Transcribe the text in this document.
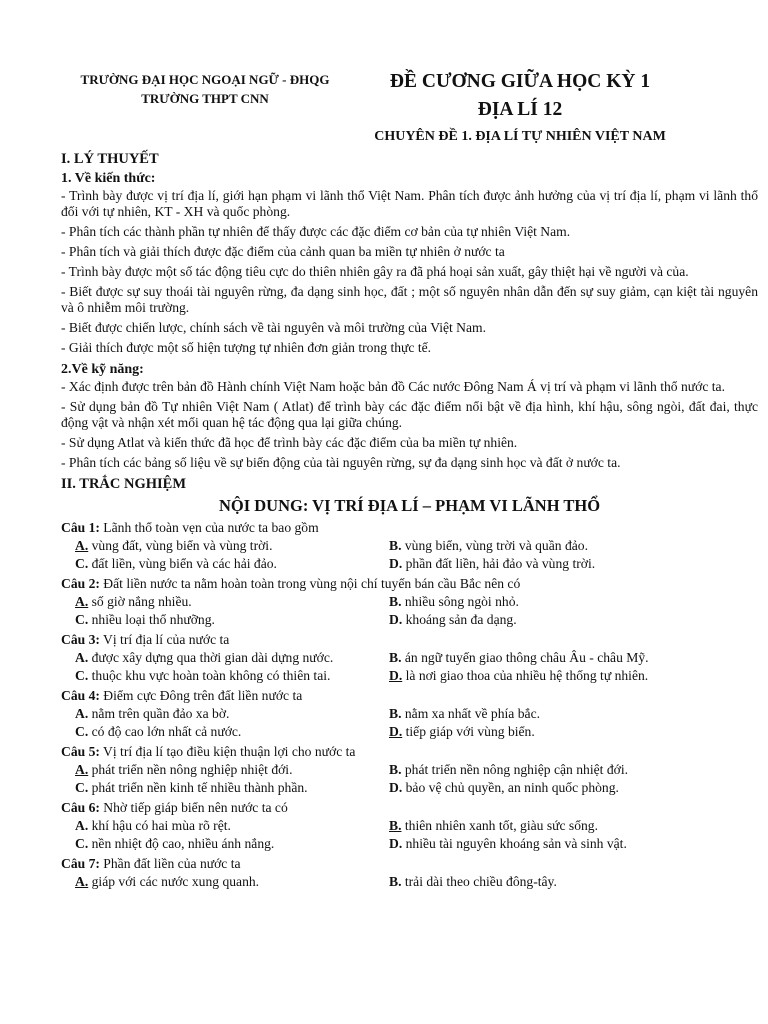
TRƯỜNG ĐẠI HỌC NGOẠI NGỮ - ĐHQG
TRƯỜNG THPT CNN
ĐỀ CƯƠNG GIỮA HỌC KỲ 1
ĐỊA LÍ 12
CHUYÊN ĐỀ 1. ĐỊA LÍ TỰ NHIÊN VIỆT NAM
I. LÝ THUYẾT
1. Về kiến thức:
- Trình bày được vị trí địa lí, giới hạn phạm vi lãnh thổ Việt Nam. Phân tích được ảnh hưởng của vị trí địa lí, phạm vi lãnh thổ đối với tự nhiên, KT - XH và quốc phòng.
- Phân tích các thành phần tự nhiên để thấy được các đặc điểm cơ bản của tự nhiên Việt Nam.
- Phân tích và giải thích được đặc điểm của cảnh quan ba miền tự nhiên ở nước ta
- Trình bày được một số tác động tiêu cực do thiên nhiên gây ra đã phá hoại sản xuất, gây thiệt hại về người và của.
- Biết được sự suy thoái tài nguyên rừng, đa dạng sinh học, đất ; một số nguyên nhân dẫn đến sự suy giảm, cạn kiệt tài nguyên và ô nhiễm môi trường.
- Biết được chiến lược, chính sách về tài nguyên và môi trường của Việt Nam.
- Giải thích được một số hiện tượng tự nhiên đơn giản trong thực tế.
2.Về kỹ năng:
- Xác định được trên bản đồ Hành chính Việt Nam hoặc bản đồ Các nước Đông Nam Á vị trí và phạm vi lãnh thổ nước ta.
- Sử dụng bản đồ Tự nhiên Việt Nam ( Atlat) để trình bày các đặc điểm nổi bật về địa hình, khí hậu, sông ngòi, đất đai, thực động vật và nhận xét mối quan hệ tác động qua lại giữa chúng.
- Sử dụng Atlat và kiến thức đã học để trình bày các đặc điểm của ba miền tự nhiên.
- Phân tích các bảng số liệu về sự biến động của tài nguyên rừng, sự đa dạng sinh học và đất ở nước ta.
II. TRẮC NGHIỆM
NỘI DUNG: VỊ TRÍ ĐỊA LÍ – PHẠM VI LÃNH THỔ
Câu 1: Lãnh thổ toàn vẹn của nước ta bao gồm
A. vùng đất, vùng biển và vùng trời.	B. vùng biển, vùng trời và quần đảo.
C. đất liền, vùng biển và các hải đảo.	D. phần đất liền, hải đảo và vùng trời.
Câu 2: Đất liền nước ta nằm hoàn toàn trong vùng nội chí tuyến bán cầu Bắc nên có
A. số giờ nắng nhiều.	B. nhiều sông ngòi nhỏ.
C. nhiều loại thổ nhưỡng.	D. khoáng sản đa dạng.
Câu 3: Vị trí địa lí của nước ta
A. được xây dựng qua thời gian dài dựng nước.	B. án ngữ tuyến giao thông châu Âu - châu Mỹ.
C. thuộc khu vực hoàn toàn không có thiên tai.	D. là nơi giao thoa của nhiều hệ thống tự nhiên.
Câu 4: Điểm cực Đông trên đất liền nước ta
A. nằm trên quần đảo xa bờ.	B. nằm xa nhất về phía bắc.
C. có độ cao lớn nhất cả nước.	D. tiếp giáp với vùng biển.
Câu 5: Vị trí địa lí tạo điều kiện thuận lợi cho nước ta
A. phát triển nền nông nghiệp nhiệt đới.	B. phát triển nền nông nghiệp cận nhiệt đới.
C. phát triển nền kinh tế nhiều thành phần.	D. bảo vệ chủ quyền, an ninh quốc phòng.
Câu 6: Nhờ tiếp giáp biển nên nước ta có
A. khí hậu có hai mùa rõ rệt.	B. thiên nhiên xanh tốt, giàu sức sống.
C. nền nhiệt độ cao, nhiều ánh nắng.	D. nhiều tài nguyên khoáng sản và sinh vật.
Câu 7: Phần đất liền của nước ta
A. giáp với các nước xung quanh.	B. trải dài theo chiều đông-tây.
